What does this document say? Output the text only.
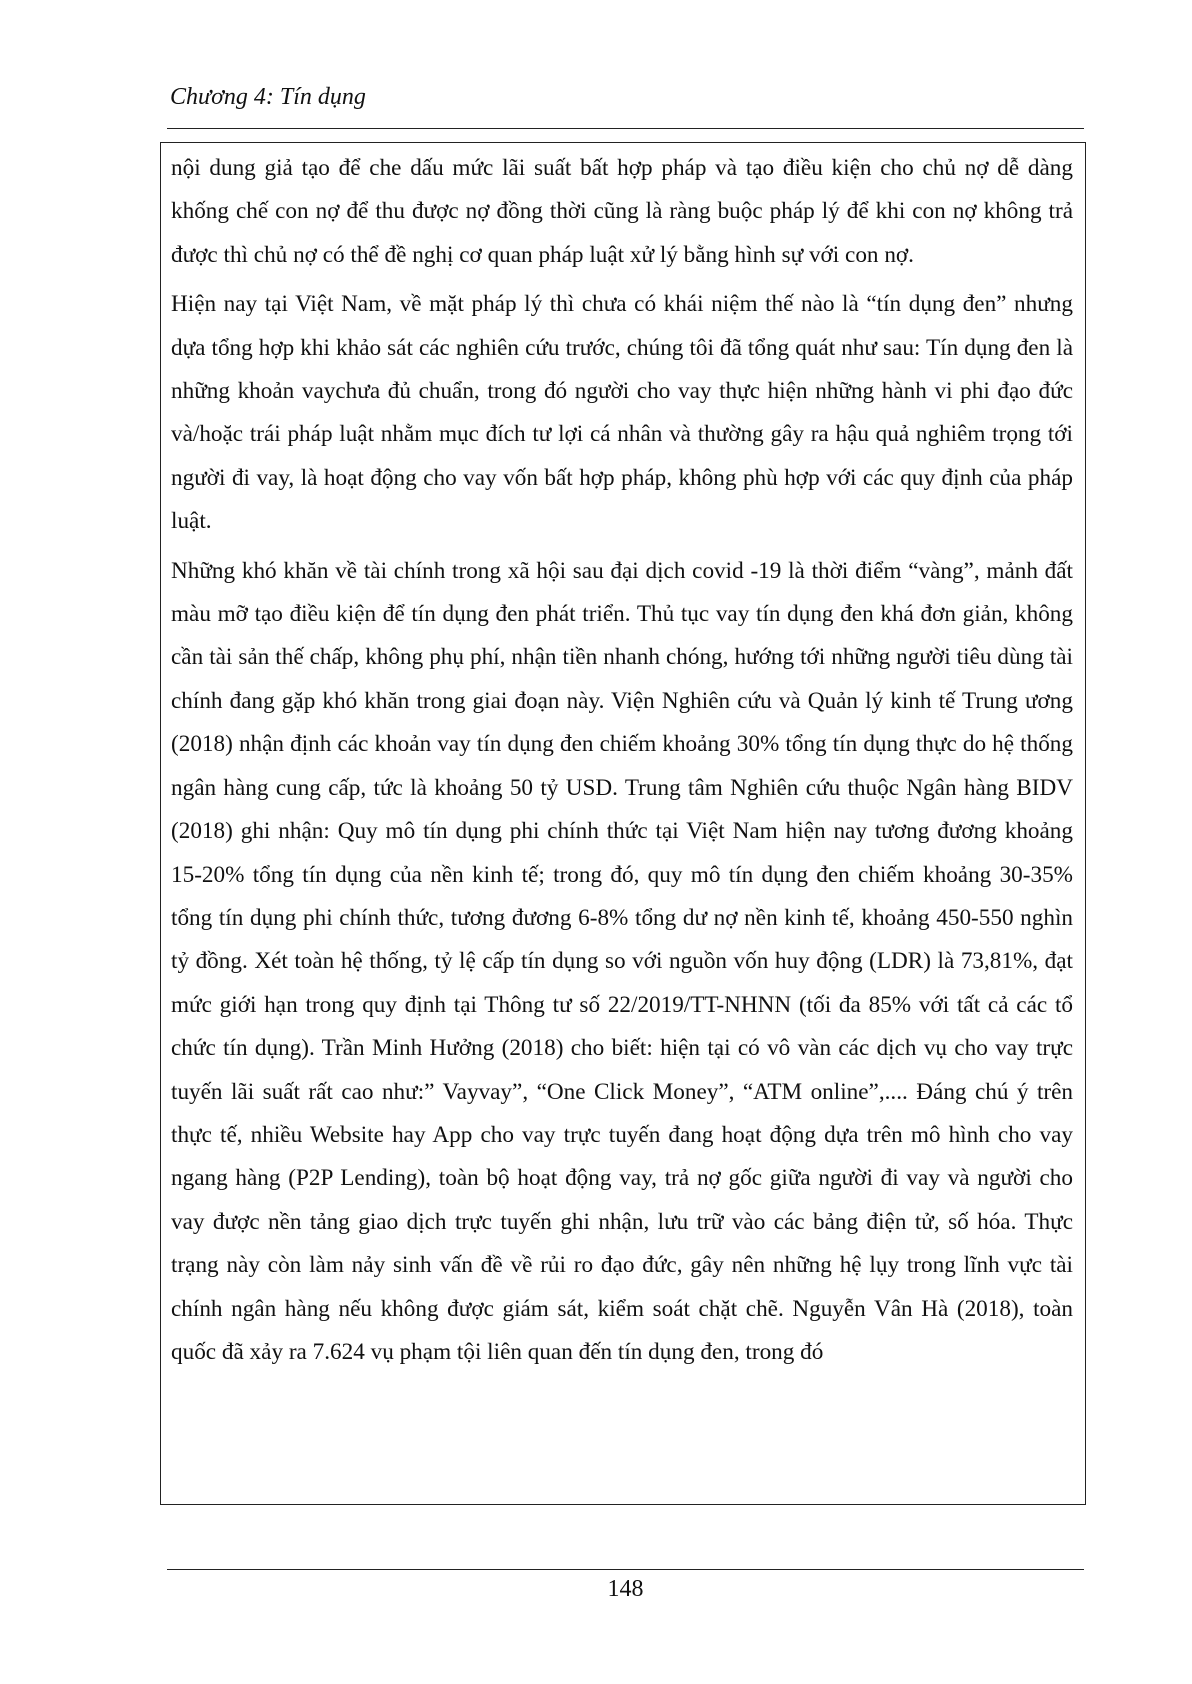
Chương 4: Tín dụng

nội dung giả tạo để che dấu mức lãi suất bất hợp pháp và tạo điều kiện cho chủ nợ dễ dàng khống chế con nợ để thu được nợ đồng thời cũng là ràng buộc pháp lý để khi con nợ không trả được thì chủ nợ có thể đề nghị cơ quan pháp luật xử lý bằng hình sự với con nợ.

Hiện nay tại Việt Nam, về mặt pháp lý thì chưa có khái niệm thế nào là “tín dụng đen” nhưng dựa tổng hợp khi khảo sát các nghiên cứu trước, chúng tôi đã tổng quát như sau: Tín dụng đen là những khoản vaychưa đủ chuẩn, trong đó người cho vay thực hiện những hành vi phi đạo đức và/hoặc trái pháp luật nhằm mục đích tư lợi cá nhân và thường gây ra hậu quả nghiêm trọng tới người đi vay, là hoạt động cho vay vốn bất hợp pháp, không phù hợp với các quy định của pháp luật.

Những khó khăn về tài chính trong xã hội sau đại dịch covid -19 là thời điểm “vàng”, mảnh đất màu mỡ tạo điều kiện để tín dụng đen phát triển. Thủ tục vay tín dụng đen khá đơn giản, không cần tài sản thế chấp, không phụ phí, nhận tiền nhanh chóng, hướng tới những người tiêu dùng tài chính đang gặp khó khăn trong giai đoạn này. Viện Nghiên cứu và Quản lý kinh tế Trung ương (2018) nhận định các khoản vay tín dụng đen chiếm khoảng 30% tổng tín dụng thực do hệ thống ngân hàng cung cấp, tức là khoảng 50 tỷ USD. Trung tâm Nghiên cứu thuộc Ngân hàng BIDV (2018) ghi nhận: Quy mô tín dụng phi chính thức tại Việt Nam hiện nay tương đương khoảng 15-20% tổng tín dụng của nền kinh tế; trong đó, quy mô tín dụng đen chiếm khoảng 30-35% tổng tín dụng phi chính thức, tương đương 6-8% tổng dư nợ nền kinh tế, khoảng 450-550 nghìn tỷ đồng. Xét toàn hệ thống, tỷ lệ cấp tín dụng so với nguồn vốn huy động (LDR) là 73,81%, đạt mức giới hạn trong quy định tại Thông tư số 22/2019/TT-NHNN (tối đa 85% với tất cả các tổ chức tín dụng). Trần Minh Hưởng (2018) cho biết: hiện tại có vô vàn các dịch vụ cho vay trực tuyến lãi suất rất cao như:” Vayvay”, “One Click Money”, “ATM online”,.... Đáng chú ý trên thực tế, nhiều Website hay App cho vay trực tuyến đang hoạt động dựa trên mô hình cho vay ngang hàng (P2P Lending), toàn bộ hoạt động vay, trả nợ gốc giữa người đi vay và người cho vay được nền tảng giao dịch trực tuyến ghi nhận, lưu trữ vào các bảng điện tử, số hóa. Thực trạng này còn làm nảy sinh vấn đề về rủi ro đạo đức, gây nên những hệ lụy trong lĩnh vực tài chính ngân hàng nếu không được giám sát, kiểm soát chặt chẽ. Nguyễn Vân Hà (2018), toàn quốc đã xảy ra 7.624 vụ phạm tội liên quan đến tín dụng đen, trong đó

148
